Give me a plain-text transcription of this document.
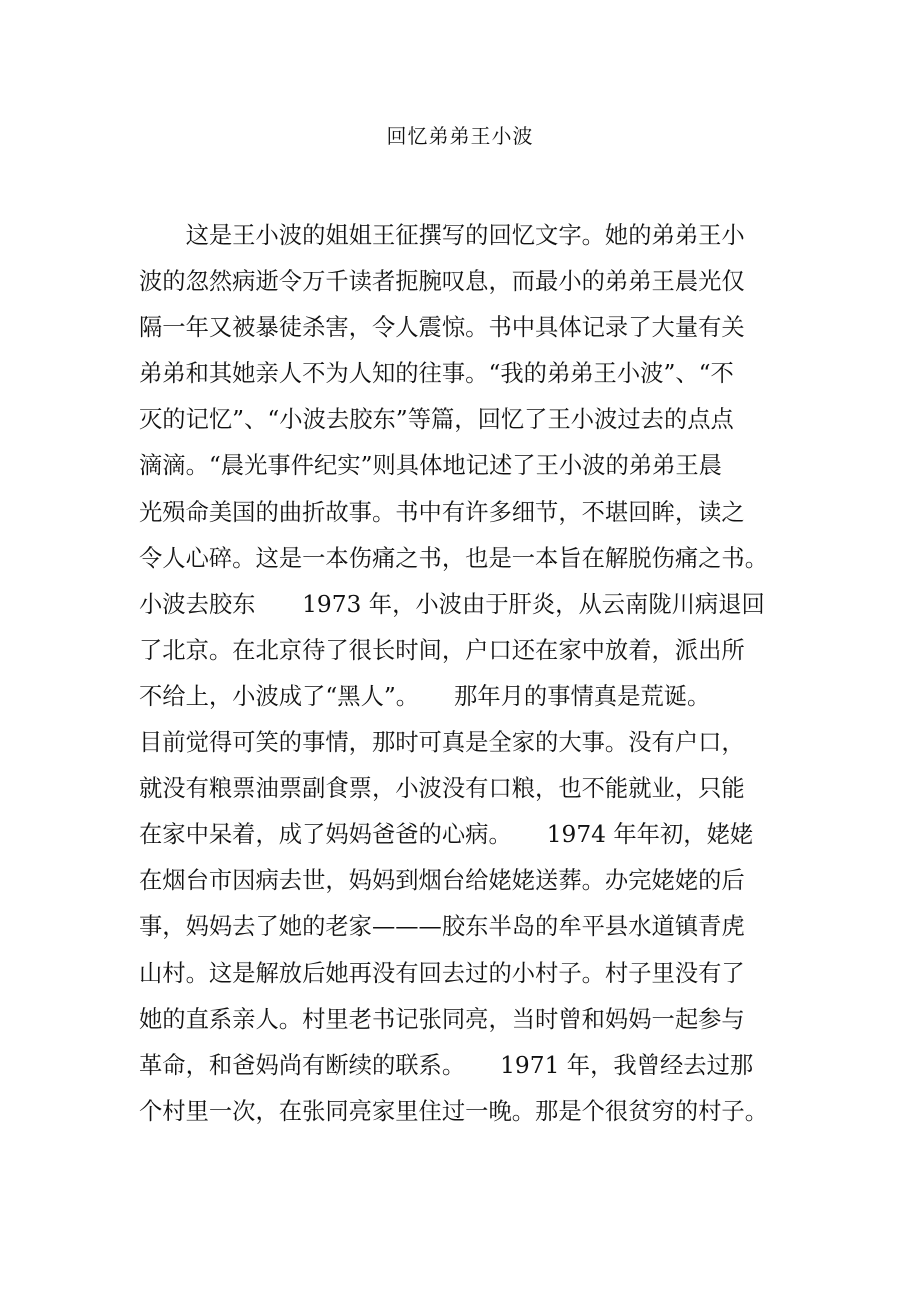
回忆弟弟王小波
　　这是王小波的姐姐王征撰写的回忆文字。她的弟弟王小
波的忽然病逝令万千读者扼腕叹息，而最小的弟弟王晨光仅
隔一年又被暴徒杀害，令人震惊。书中具体记录了大量有关
弟弟和其她亲人不为人知的往事。“我的弟弟王小波”、“不
灭的记忆”、“小波去胶东”等篇，回忆了王小波过去的点点
滴滴。“晨光事件纪实”则具体地记述了王小波的弟弟王晨
光殒命美国的曲折故事。书中有许多细节，不堪回眸，读之
令人心碎。这是一本伤痛之书，也是一本旨在解脱伤痛之书。
小波去胶东　　1973 年，小波由于肝炎，从云南陇川病退回
了北京。在北京待了很长时间，户口还在家中放着，派出所
不给上，小波成了“黑人”。　　那年月的事情真是荒诞。
目前觉得可笑的事情，那时可真是全家的大事。没有户口，
就没有粮票油票副食票，小波没有口粮，也不能就业，只能
在家中呆着，成了妈妈爸爸的心病。　　1974 年年初，姥姥
在烟台市因病去世，妈妈到烟台给姥姥送葬。办完姥姥的后
事，妈妈去了她的老家———胶东半岛的牟平县水道镇青虎
山村。这是解放后她再没有回去过的小村子。村子里没有了
她的直系亲人。村里老书记张同亮，当时曾和妈妈一起参与
革命，和爸妈尚有断续的联系。　　1971 年，我曾经去过那
个村里一次，在张同亮家里住过一晚。那是个很贫穷的村子。
